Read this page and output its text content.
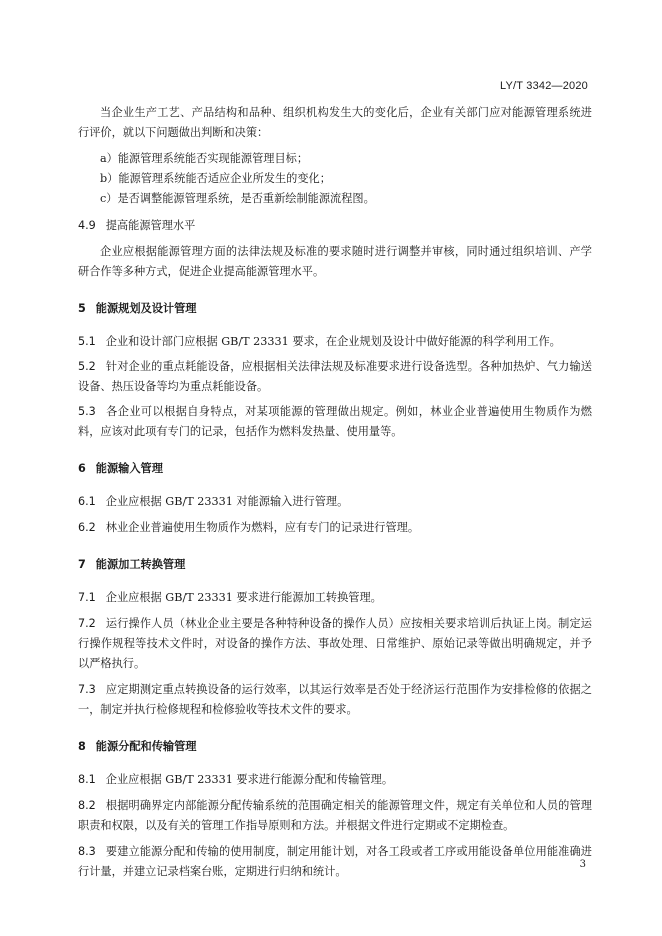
LY/T 3342—2020

当企业生产工艺、产品结构和品种、组织机构发生大的变化后，企业有关部门应对能源管理系统进行评价，就以下问题做出判断和决策：

a）能源管理系统能否实现能源管理目标；

b）能源管理系统能否适应企业所发生的变化；

c）是否调整能源管理系统，是否重新绘制能源流程图。

4.9 提高能源管理水平

企业应根据能源管理方面的法律法规及标准的要求随时进行调整并审核，同时通过组织培训、产学研合作等多种方式，促进企业提高能源管理水平。

5 能源规划及设计管理

5.1 企业和设计部门应根据 GB/T 23331 要求，在企业规划及设计中做好能源的科学利用工作。

5.2 针对企业的重点耗能设备，应根据相关法律法规及标准要求进行设备选型。各种加热炉、气力输送设备、热压设备等均为重点耗能设备。

5.3 各企业可以根据自身特点，对某项能源的管理做出规定。例如，林业企业普遍使用生物质作为燃料，应该对此项有专门的记录，包括作为燃料发热量、使用量等。

6 能源输入管理

6.1 企业应根据 GB/T 23331 对能源输入进行管理。

6.2 林业企业普遍使用生物质作为燃料，应有专门的记录进行管理。

7 能源加工转换管理

7.1 企业应根据 GB/T 23331 要求进行能源加工转换管理。

7.2 运行操作人员（林业企业主要是各种特种设备的操作人员）应按相关要求培训后执证上岗。制定运行操作规程等技术文件时，对设备的操作方法、事故处理、日常维护、原始记录等做出明确规定，并予以严格执行。

7.3 应定期测定重点转换设备的运行效率，以其运行效率是否处于经济运行范围作为安排检修的依据之一，制定并执行检修规程和检修验收等技术文件的要求。

8 能源分配和传输管理

8.1 企业应根据 GB/T 23331 要求进行能源分配和传输管理。

8.2 根据明确界定内部能源分配传输系统的范围确定相关的能源管理文件，规定有关单位和人员的管理职责和权限，以及有关的管理工作指导原则和方法。并根据文件进行定期或不定期检查。

8.3 要建立能源分配和传输的使用制度，制定用能计划，对各工段或者工序或用能设备单位用能准确进行计量，并建立记录档案台账，定期进行归纳和统计。

3
